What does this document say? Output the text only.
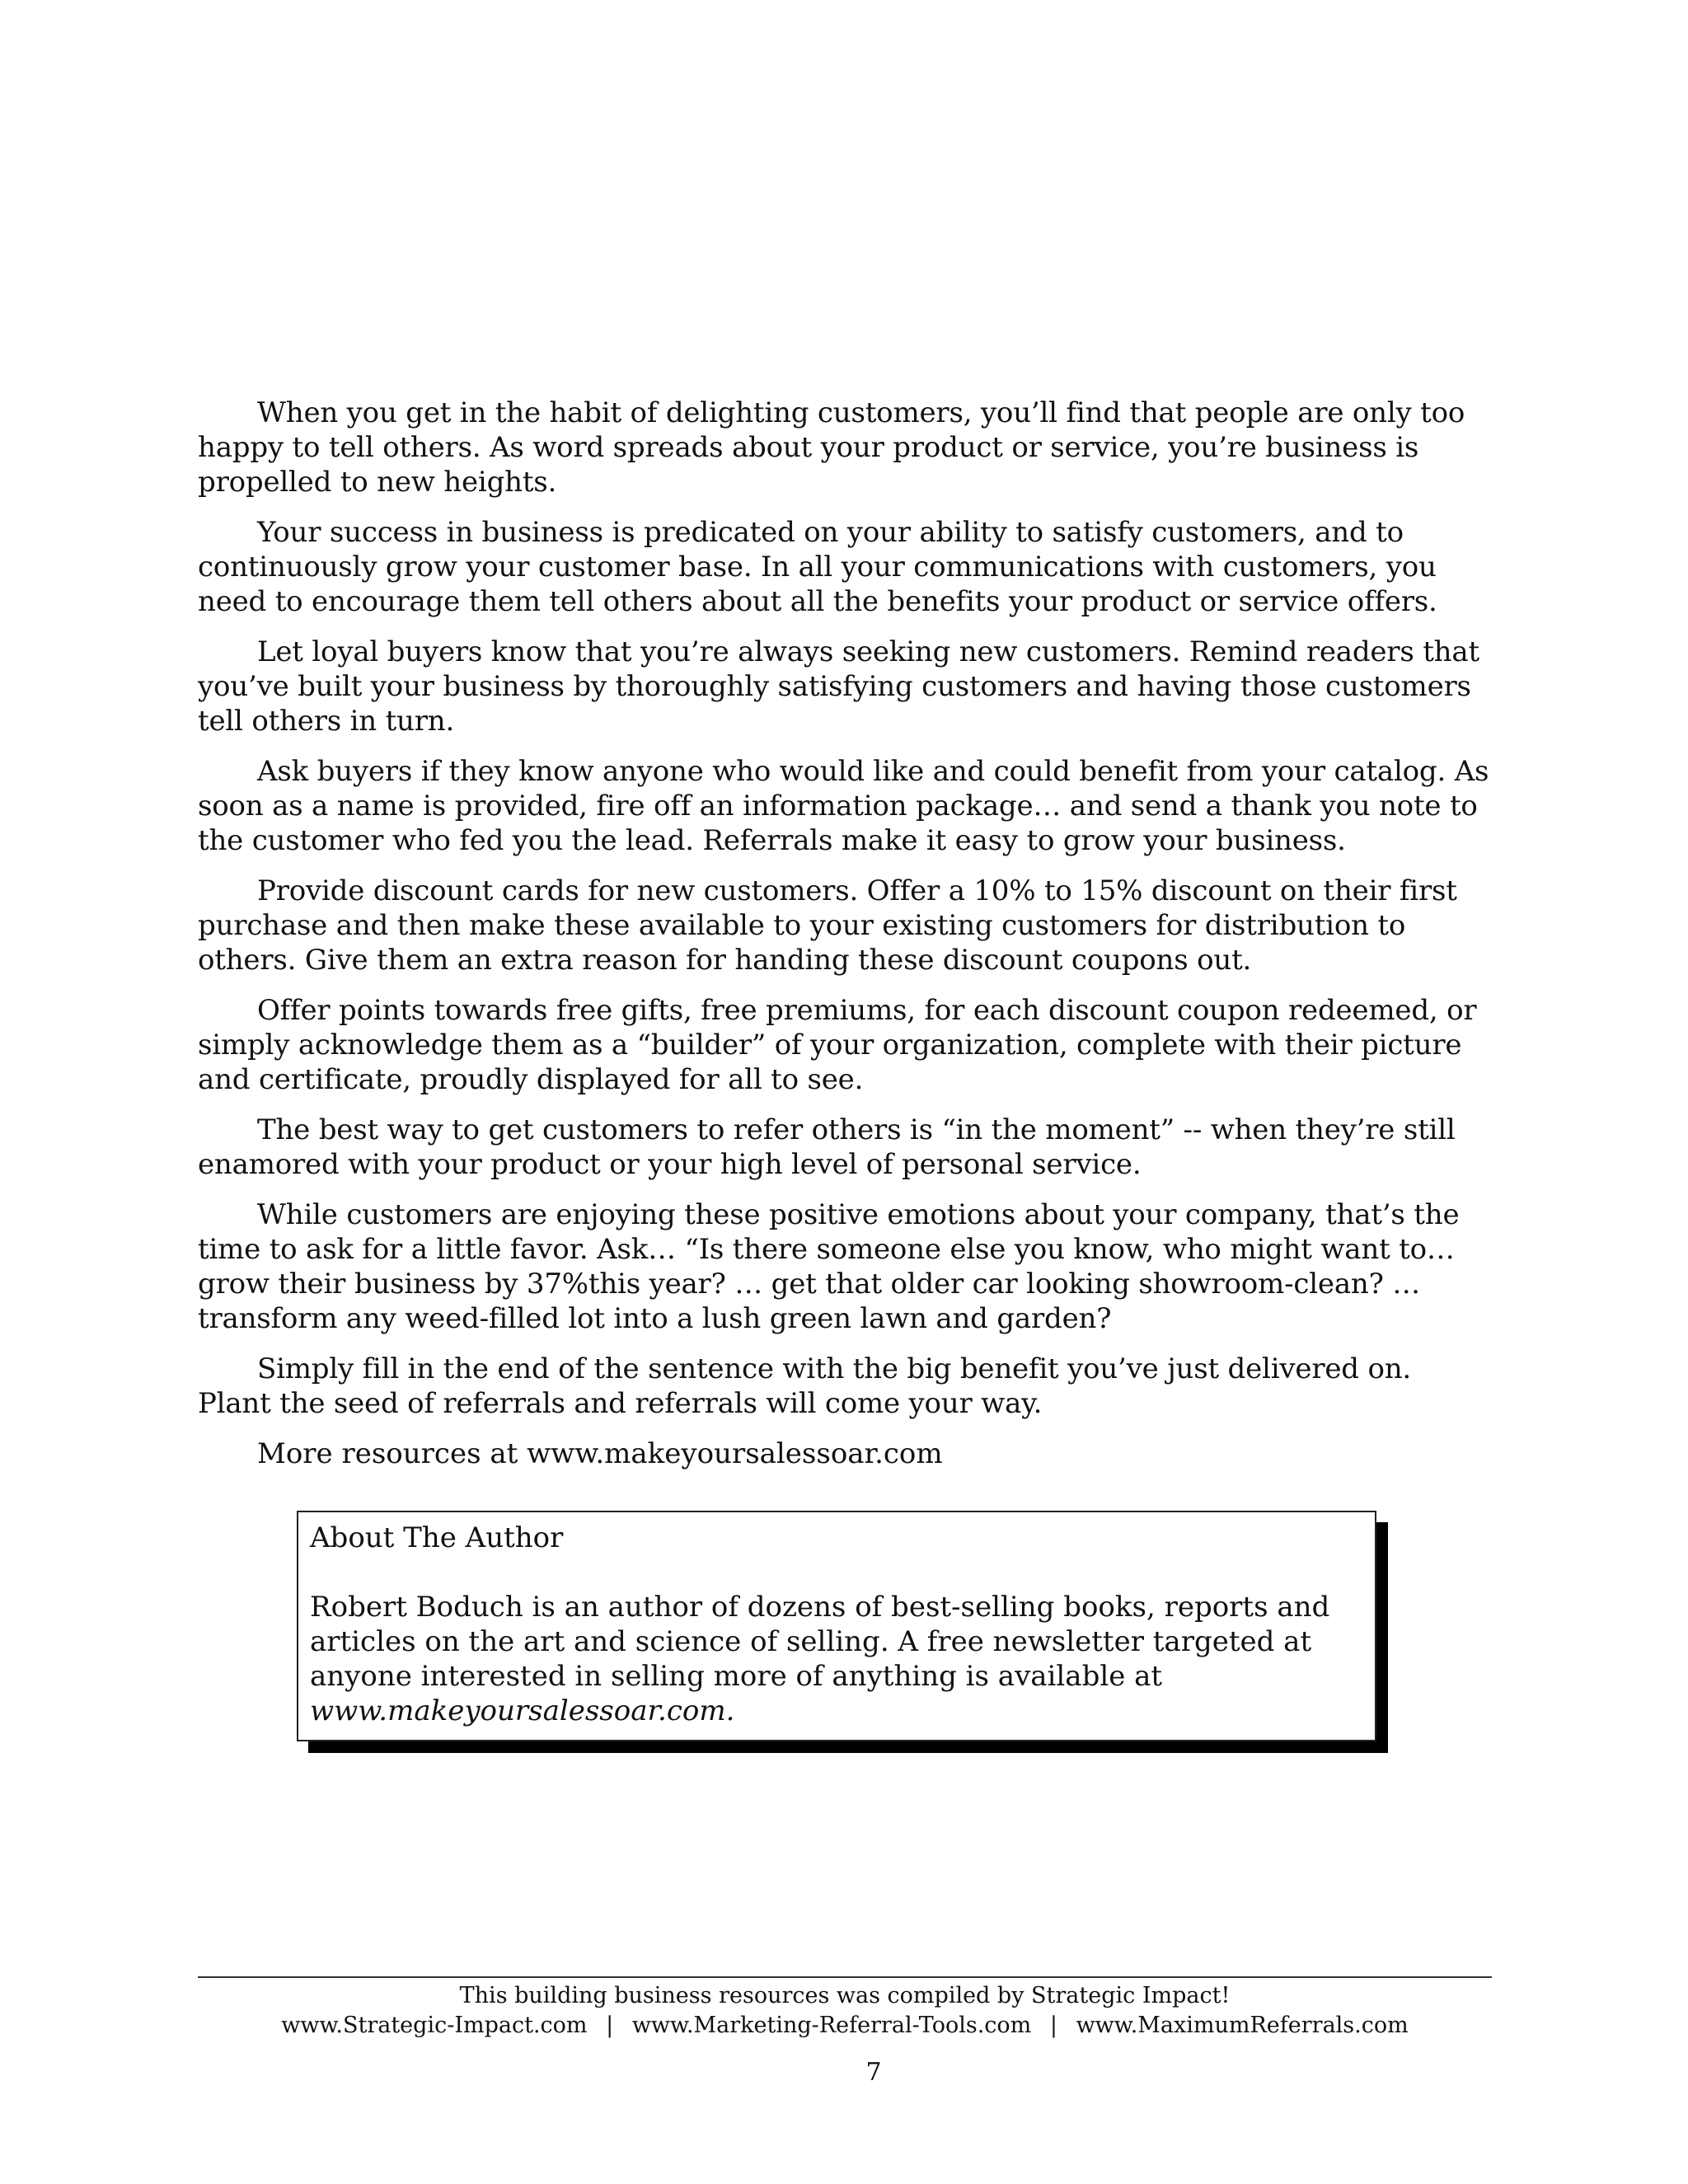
When you get in the habit of delighting customers, you’ll find that people are only too happy to tell others. As word spreads about your product or service, you’re business is propelled to new heights.

Your success in business is predicated on your ability to satisfy customers, and to continuously grow your customer base. In all your communications with customers, you need to encourage them tell others about all the benefits your product or service offers.

Let loyal buyers know that you’re always seeking new customers. Remind readers that you’ve built your business by thoroughly satisfying customers and having those customers tell others in turn.

Ask buyers if they know anyone who would like and could benefit from your catalog. As soon as a name is provided, fire off an information package… and send a thank you note to the customer who fed you the lead. Referrals make it easy to grow your business.

Provide discount cards for new customers. Offer a 10% to 15% discount on their first purchase and then make these available to your existing customers for distribution to others. Give them an extra reason for handing these discount coupons out.

Offer points towards free gifts, free premiums, for each discount coupon redeemed, or simply acknowledge them as a “builder” of your organization, complete with their picture and certificate, proudly displayed for all to see.

The best way to get customers to refer others is “in the moment” -- when they’re still enamored with your product or your high level of personal service.

While customers are enjoying these positive emotions about your company, that’s the time to ask for a little favor. Ask… “Is there someone else you know, who might want to… grow their business by 37%this year? … get that older car looking showroom-clean? … transform any weed-filled lot into a lush green lawn and garden?

Simply fill in the end of the sentence with the big benefit you’ve just delivered on. Plant the seed of referrals and referrals will come your way.

More resources at www.makeyoursalessoar.com

About The Author
Robert Boduch is an author of dozens of best-selling books, reports and articles on the art and science of selling. A free newsletter targeted at anyone interested in selling more of anything is available at
www.makeyoursalessoar.com.
This building business resources was compiled by Strategic Impact!
www.Strategic-Impact.com | www.Marketing-Referral-Tools.com | www.MaximumReferrals.com
7
